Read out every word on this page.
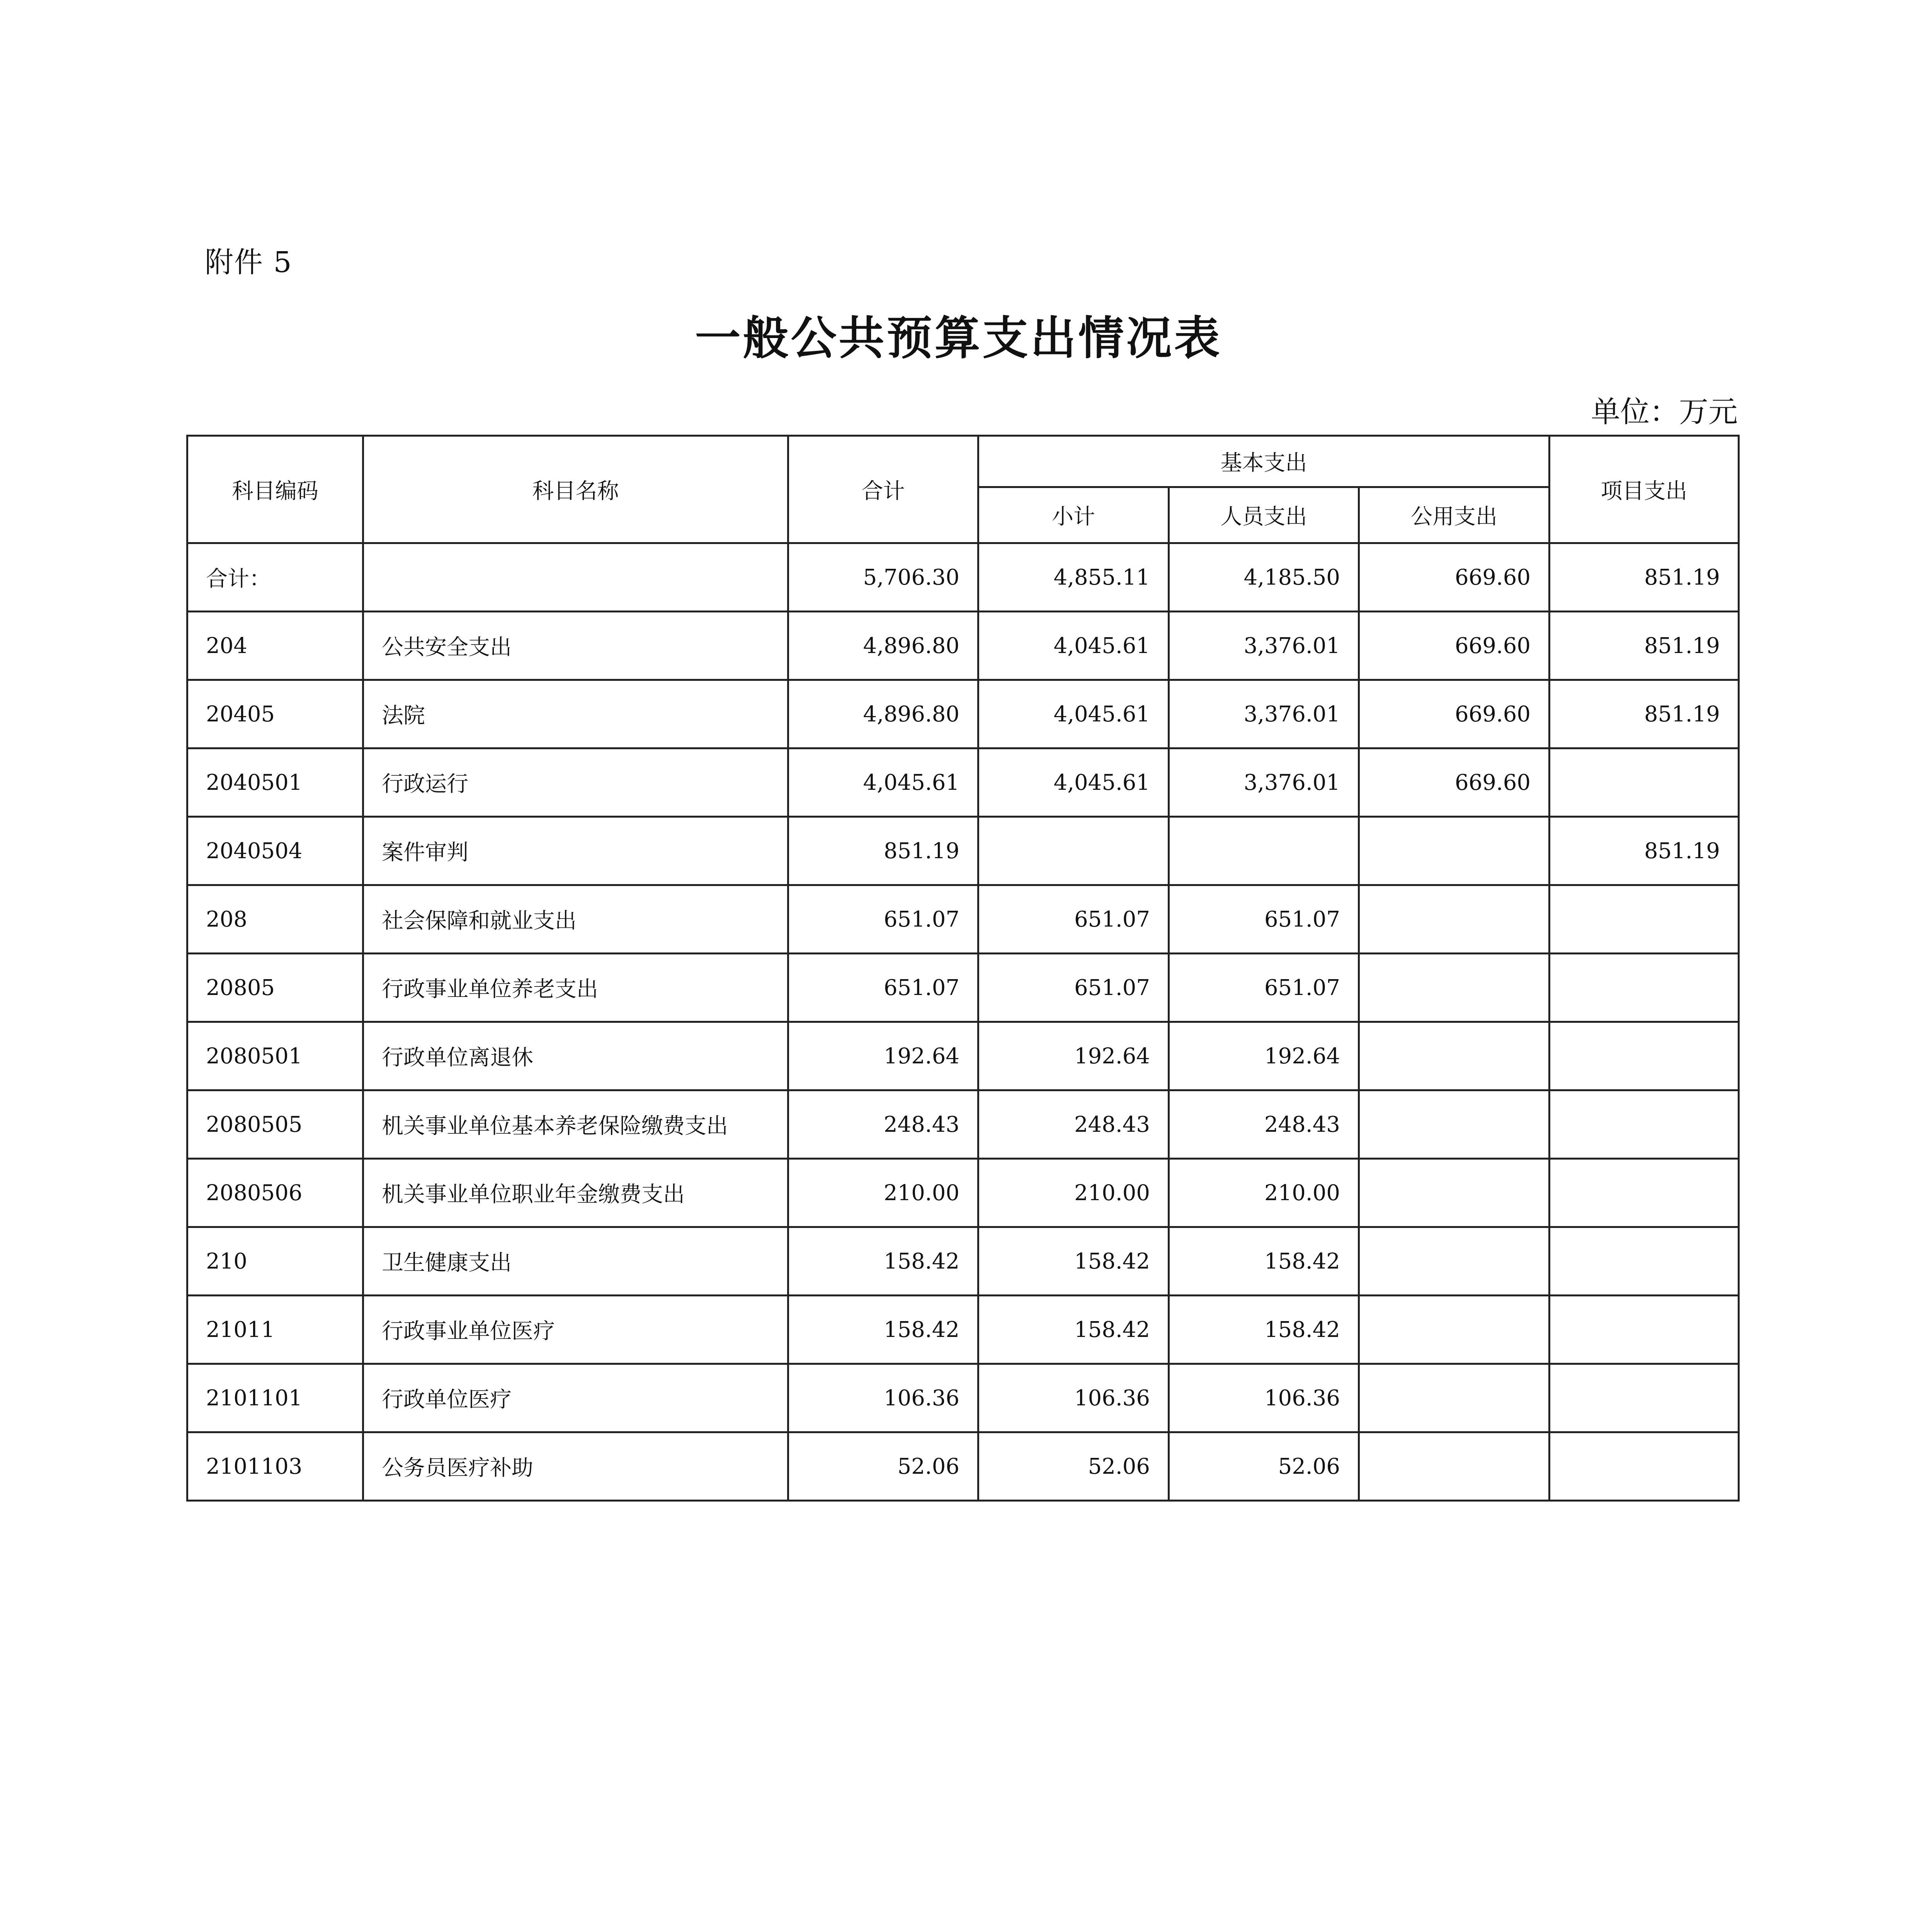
附件 5
一般公共预算支出情况表
单位：万元
科目编码	科目名称	合计	基本支出			项目支出
			小计	人员支出	公用支出	
合计：		5,706.30	4,855.11	4,185.50	669.60	851.19
204	公共安全支出	4,896.80	4,045.61	3,376.01	669.60	851.19
20405	法院	4,896.80	4,045.61	3,376.01	669.60	851.19
2040501	行政运行	4,045.61	4,045.61	3,376.01	669.60	
2040504	案件审判	851.19				851.19
208	社会保障和就业支出	651.07	651.07	651.07		
20805	行政事业单位养老支出	651.07	651.07	651.07		
2080501	行政单位离退休	192.64	192.64	192.64		
2080505	机关事业单位基本养老保险缴费支出	248.43	248.43	248.43		
2080506	机关事业单位职业年金缴费支出	210.00	210.00	210.00		
210	卫生健康支出	158.42	158.42	158.42		
21011	行政事业单位医疗	158.42	158.42	158.42		
2101101	行政单位医疗	106.36	106.36	106.36		
2101103	公务员医疗补助	52.06	52.06	52.06		
